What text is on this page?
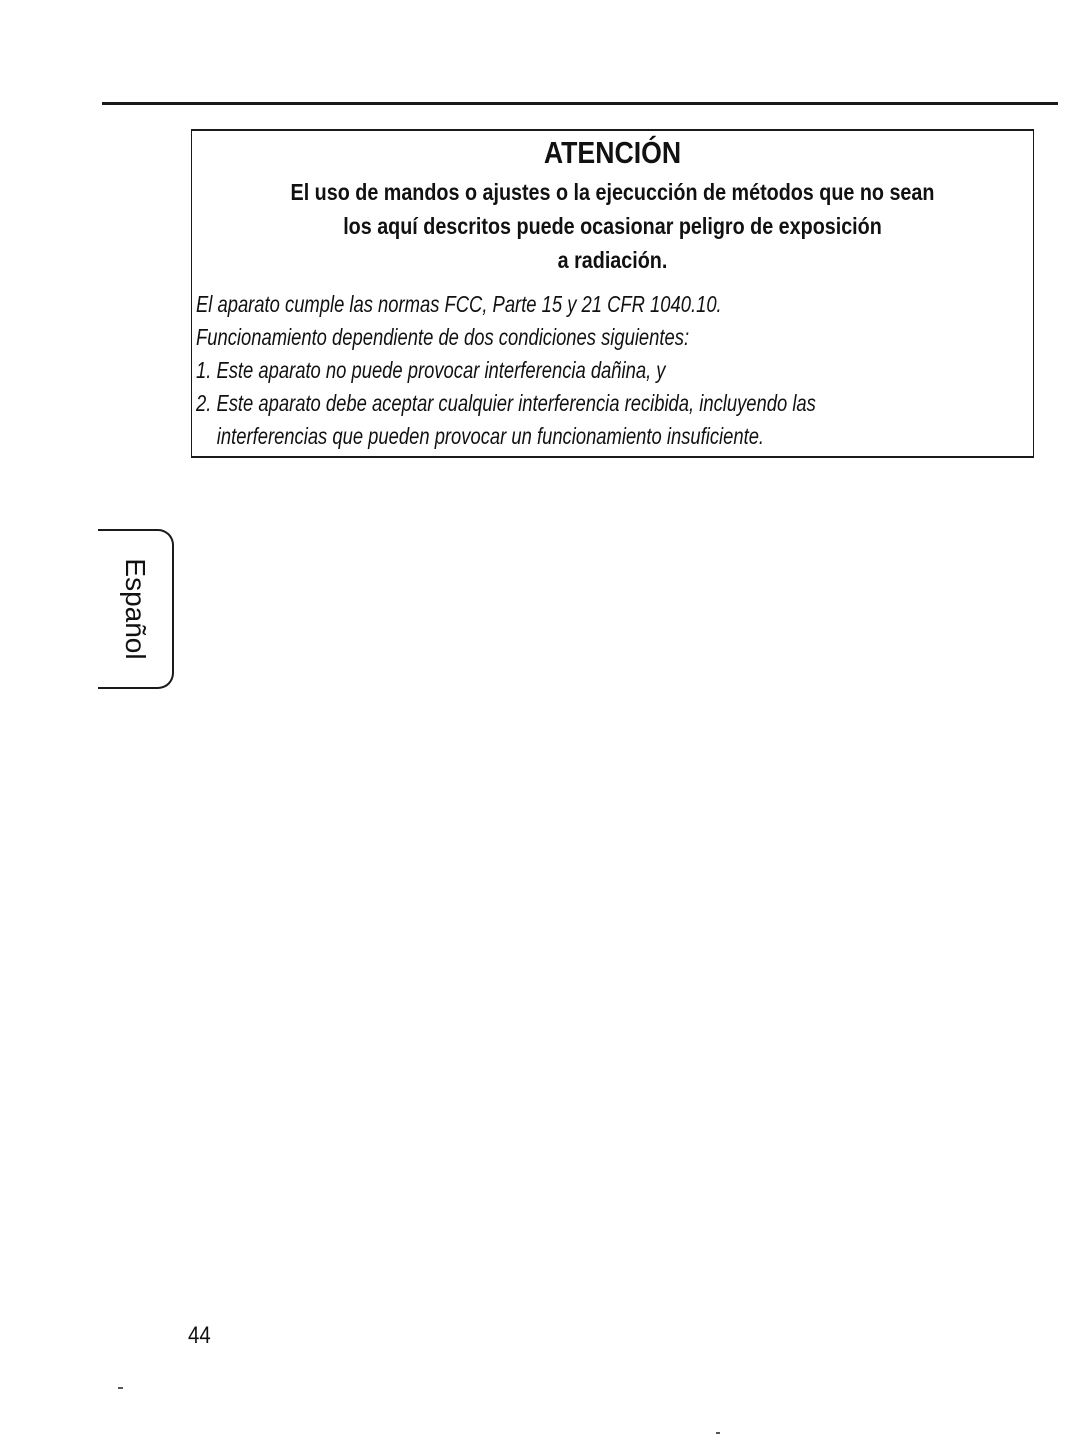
ATENCIÓN
El uso de mandos o ajustes o la ejecucción de métodos que no sean
los aquí descritos puede ocasionar peligro de exposición
a radiación.
El aparato cumple las normas FCC, Parte 15 y 21 CFR 1040.10.
Funcionamiento dependiente de dos condiciones siguientes:
1. Este aparato no puede provocar interferencia dañina, y
2. Este aparato debe aceptar cualquier interferencia recibida, incluyendo las
interferencias que pueden provocar un funcionamiento insuficiente.
Español
44
